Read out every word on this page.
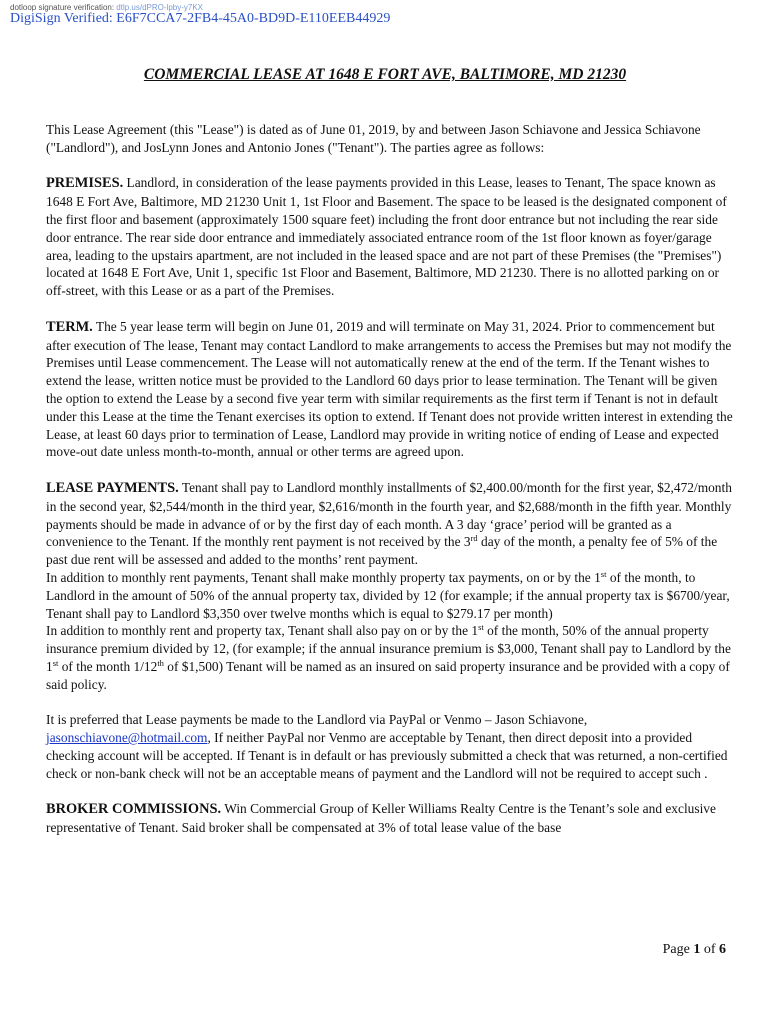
dotloop signature verification: dtlp.us/dPRO-lpby-y7KX
DigiSign Verified: E6F7CCA7-2FB4-45A0-BD9D-E110EEB44929
COMMERCIAL LEASE AT 1648 E FORT AVE, BALTIMORE, MD 21230

This Lease Agreement (this "Lease") is dated as of June 01, 2019, by and between Jason Schiavone and Jessica Schiavone ("Landlord"), and JosLynn Jones and Antonio Jones ("Tenant"). The parties agree as follows:

PREMISES. Landlord, in consideration of the lease payments provided in this Lease, leases to Tenant, The space known as 1648 E Fort Ave, Baltimore, MD 21230 Unit 1, 1st Floor and Basement. The space to be leased is the designated component of the first floor and basement (approximately 1500 square feet) including the front door entrance but not including the rear side door entrance. The rear side door entrance and immediately associated entrance room of the 1st floor known as foyer/garage area, leading to the upstairs apartment, are not included in the leased space and are not part of these Premises (the "Premises") located at 1648 E Fort Ave, Unit 1, specific 1st Floor and Basement, Baltimore, MD 21230. There is no allotted parking on or off-street, with this Lease or as a part of the Premises.

TERM. The 5 year lease term will begin on June 01, 2019 and will terminate on May 31, 2024. Prior to commencement but after execution of The lease, Tenant may contact Landlord to make arrangements to access the Premises but may not modify the Premises until Lease commencement. The Lease will not automatically renew at the end of the term. If the Tenant wishes to extend the lease, written notice must be provided to the Landlord 60 days prior to lease termination. The Tenant will be given the option to extend the Lease by a second five year term with similar requirements as the first term if Tenant is not in default under this Lease at the time the Tenant exercises its option to extend. If Tenant does not provide written interest in extending the Lease, at least 60 days prior to termination of Lease, Landlord may provide in writing notice of ending of Lease and expected move-out date unless month-to-month, annual or other terms are agreed upon.

LEASE PAYMENTS. Tenant shall pay to Landlord monthly installments of $2,400.00/month for the first year, $2,472/month in the second year, $2,544/month in the third year, $2,616/month in the fourth year, and $2,688/month in the fifth year. Monthly payments should be made in advance of or by the first day of each month. A 3 day ‘grace’ period will be granted as a convenience to the Tenant. If the monthly rent payment is not received by the 3rd day of the month, a penalty fee of 5% of the past due rent will be assessed and added to the months’ rent payment.

In addition to monthly rent payments, Tenant shall make monthly property tax payments, on or by the 1st of the month, to Landlord in the amount of 50% of the annual property tax, divided by 12 (for example; if the annual property tax is $6700/year, Tenant shall pay to Landlord $3,350 over twelve months which is equal to $279.17 per month)

In addition to monthly rent and property tax, Tenant shall also pay on or by the 1st of the month, 50% of the annual property insurance premium divided by 12, (for example; if the annual insurance premium is $3,000, Tenant shall pay to Landlord by the 1st of the month 1/12th of $1,500) Tenant will be named as an insured on said property insurance and be provided with a copy of said policy.

It is preferred that Lease payments be made to the Landlord via PayPal or Venmo – Jason Schiavone, jasonschiavone@hotmail.com, If neither PayPal nor Venmo are acceptable by Tenant, then direct deposit into a provided checking account will be accepted. If Tenant is in default or has previously submitted a check that was returned, a non-certified check or non-bank check will not be an acceptable means of payment and the Landlord will not be required to accept such .

BROKER COMMISSIONS. Win Commercial Group of Keller Williams Realty Centre is the Tenant’s sole and exclusive representative of Tenant. Said broker shall be compensated at 3% of total lease value of the base

Page 1 of 6
